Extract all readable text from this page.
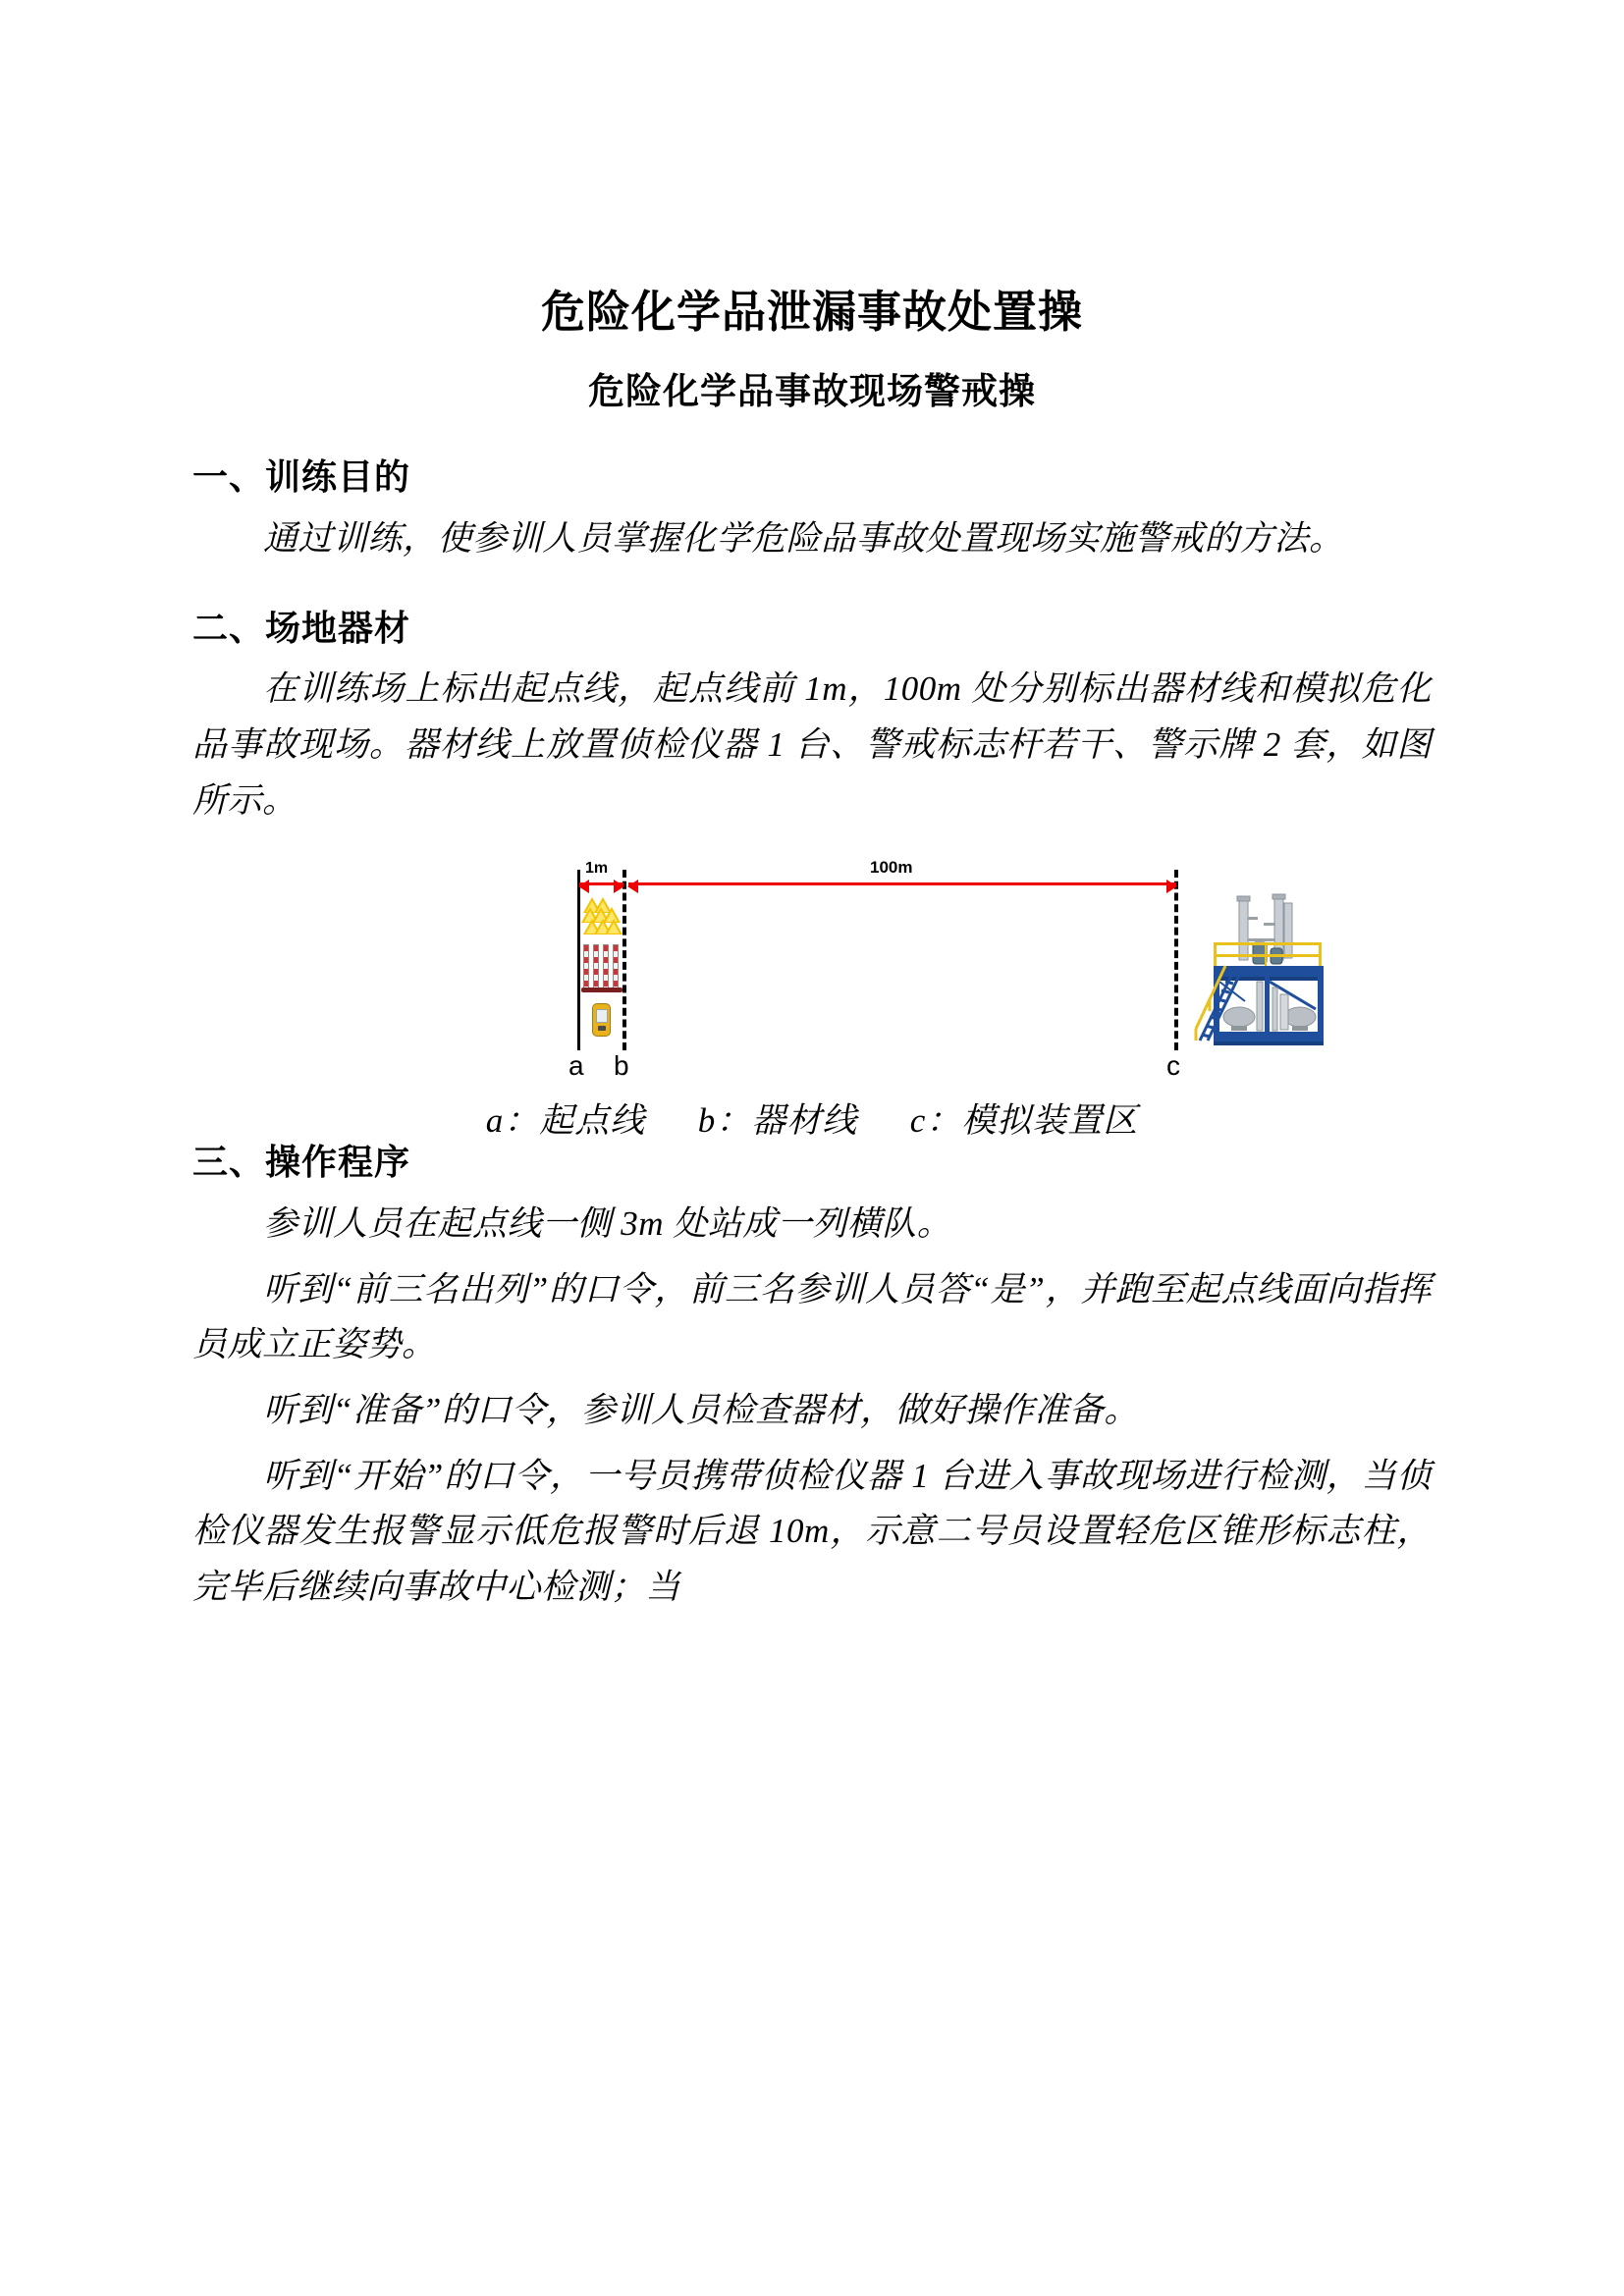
危险化学品泄漏事故处置操
危险化学品事故现场警戒操
一、训练目的

通过训练，使参训人员掌握化学危险品事故处置现场实施警戒的方法。

二、场地器材

在训练场上标出起点线，起点线前 1m，100m 处分别标出器材线和模拟危化品事故现场。器材线上放置侦检仪器 1 台、警戒标志杆若干、警示牌 2 套，如图所示。

1m	100m
a b	c
a：起点线 b：器材线 c：模拟装置区
三、操作程序

参训人员在起点线一侧 3m 处站成一列横队。

听到“前三名出列”的口令，前三名参训人员答“是”，并跑至起点线面向指挥员成立正姿势。

听到“准备”的口令，参训人员检查器材，做好操作准备。

听到“开始”的口令，一号员携带侦检仪器 1 台进入事故现场进行检测，当侦检仪器发生报警显示低危报警时后退 10m，示意二号员设置轻危区锥形标志柱，完毕后继续向事故中心检测；当
